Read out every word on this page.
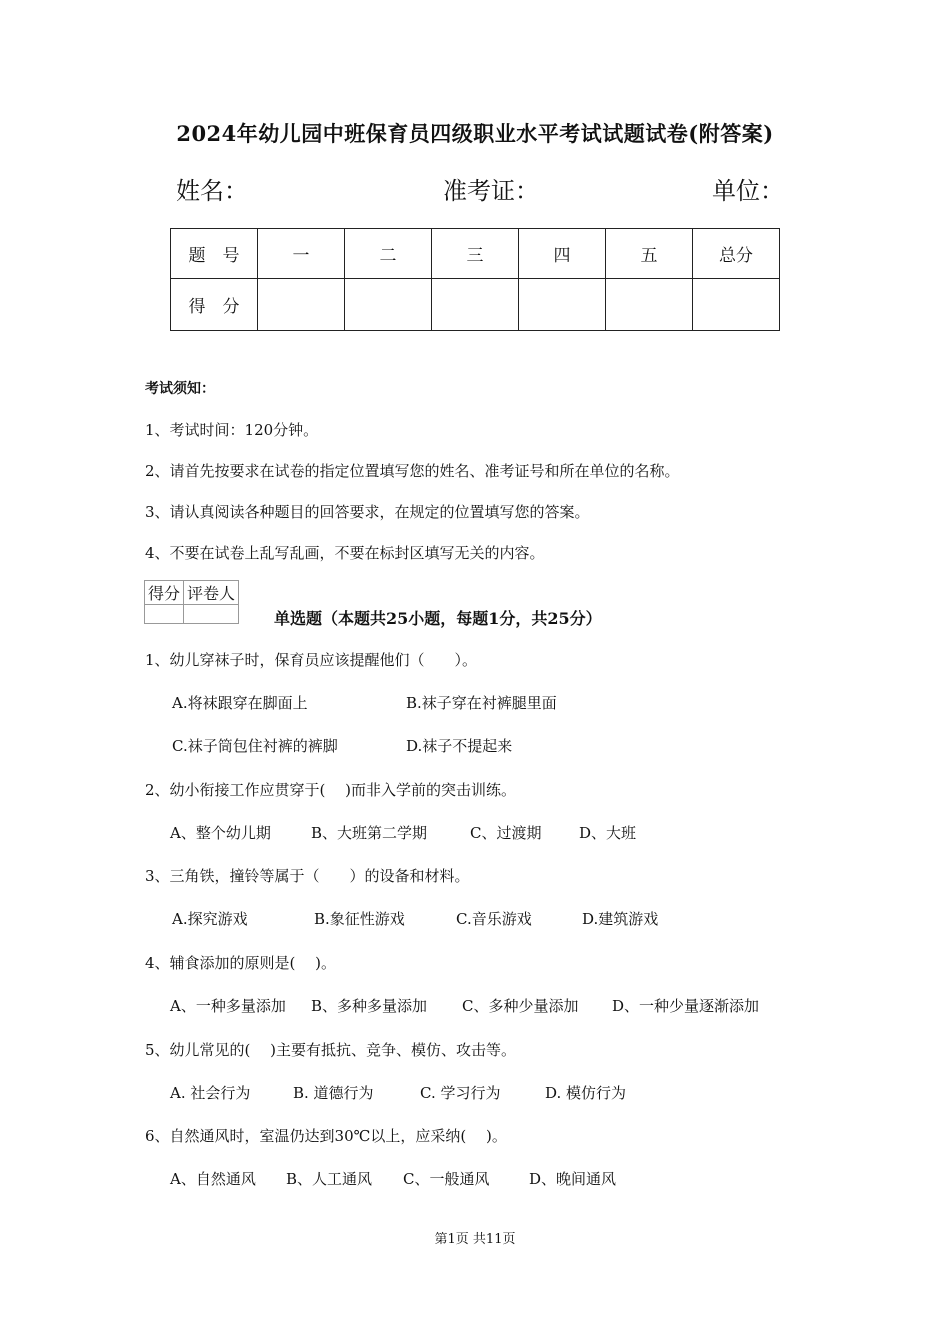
2024年幼儿园中班保育员四级职业水平考试试题试卷(附答案)
姓名：	准考证：	单位：
题　号	一	二	三	四	五	总分
得　分						
考试须知：
1、考试时间：120分钟。
2、请首先按要求在试卷的指定位置填写您的姓名、准考证号和所在单位的名称。
3、请认真阅读各种题目的回答要求，在规定的位置填写您的答案。
4、不要在试卷上乱写乱画，不要在标封区填写无关的内容。
得分	评卷人

单选题（本题共25小题，每题1分，共25分）
1、幼儿穿袜子时，保育员应该提醒他们（　　）。
A.将袜跟穿在脚面上	B.袜子穿在衬裤腿里面
C.袜子筒包住衬裤的裤脚	D.袜子不提起来
2、幼小衔接工作应贯穿于(　 )而非入学前的突击训练。
A、整个幼儿期	B、大班第二学期	C、过渡期	D、大班
3、三角铁，撞铃等属于（　　）的设备和材料。
A.探究游戏	B.象征性游戏	C.音乐游戏	D.建筑游戏
4、辅食添加的原则是(　 )。
A、一种多量添加 B、多种多量添加 C、多种少量添加 D、一种少量逐渐添加
5、幼儿常见的(　 )主要有抵抗、竞争、模仿、攻击等。
A. 社会行为	B. 道德行为	C. 学习行为	D. 模仿行为
6、自然通风时，室温仍达到30℃以上，应采纳(　 )。
A、自然通风 B、人工通风 C、一般通风	D、晚间通风
第1页 共11页
